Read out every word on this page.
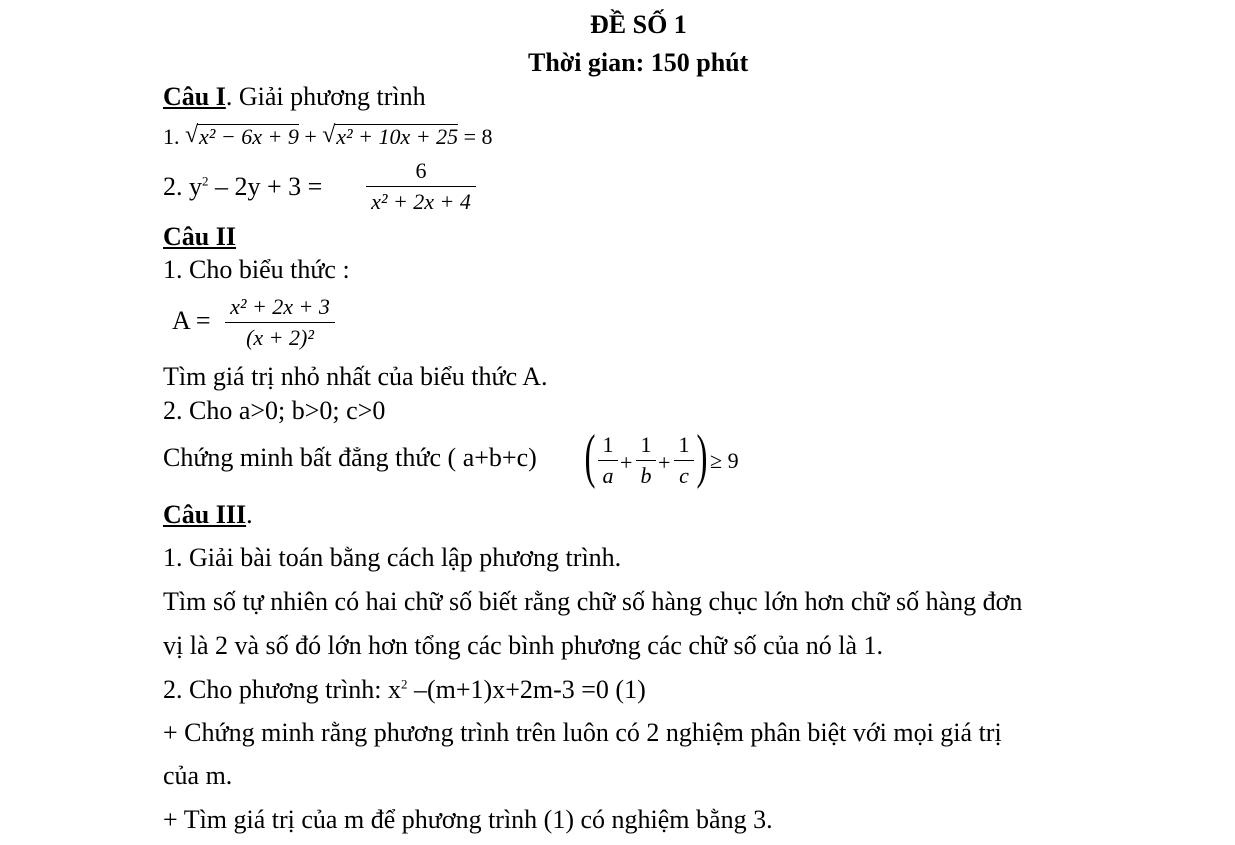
ĐỀ SỐ 1
Thời gian: 150 phút
Câu I. Giải phương trình
1. √ x² − 6x + 9 + √ x² + 10x + 25 = 8
2. $y^2 - 2y + 3$ =
6
x² + 2x + 4
Câu II
1. Cho biểu thức :
A = x² + 2x + 3
(x + 2)²
Tìm giá trị nhỏ nhất của biểu thức A.
2. Cho a>0; b>0; c>0
Chứng minh bất đẳng thức ( a+b+c) ( 1
a
+
1
b
+
1
c ) ≥ 9
Câu III.
1. Giải bài toán bằng cách lập phương trình.
Tìm số tự nhiên có hai chữ số biết rằng chữ số hàng chục lớn hơn chữ số hàng đơn
vị là 2 và số đó lớn hơn tổng các bình phương các chữ số của nó là 1.
2. Cho phương trình: $x^2$ –(m+1)x+2m-3 =0 (1)
+ Chứng minh rằng phương trình trên luôn có 2 nghiệm phân biệt với mọi giá trị
của m.
+ Tìm giá trị của m để phương trình (1) có nghiệm bằng 3.
